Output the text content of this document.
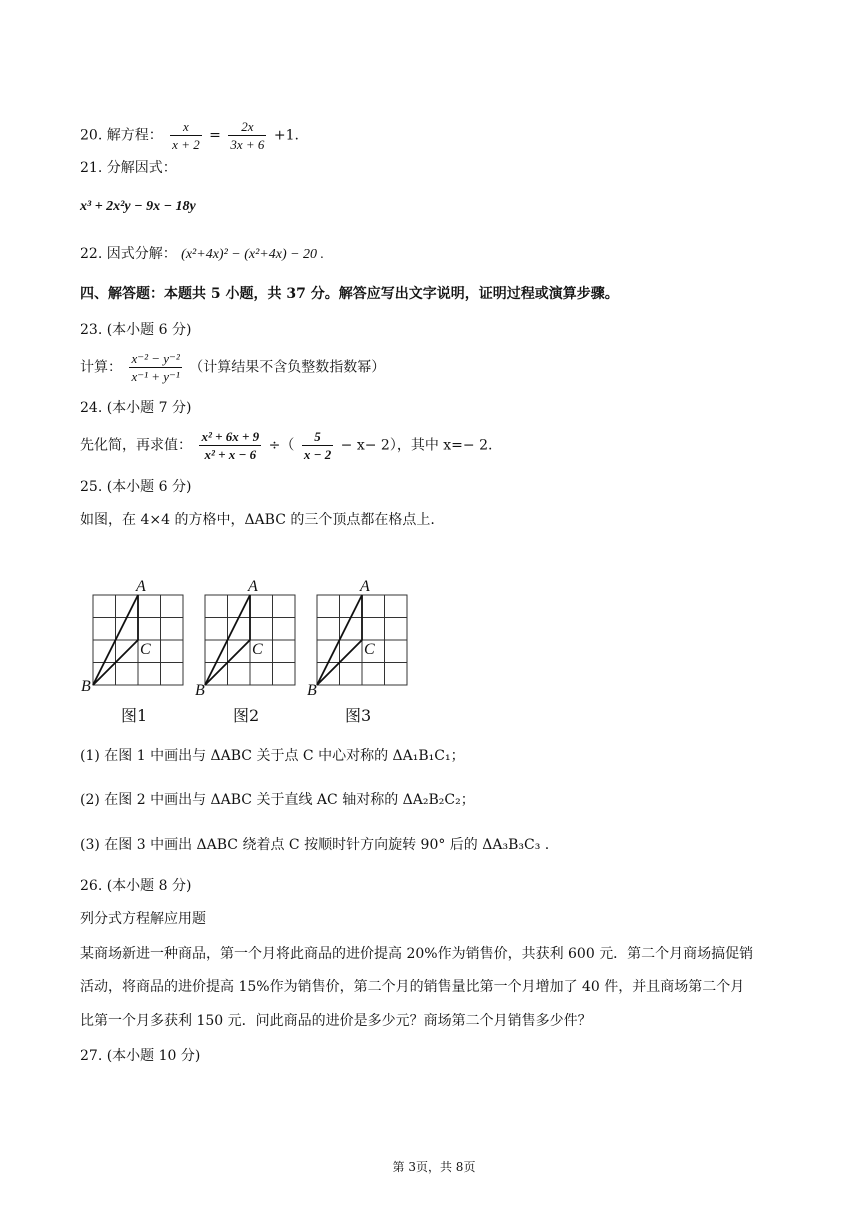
20. 解方程： $\frac{x}{x + 2} = \frac{2x}{3x + 6} +1$.
21. 分解因式：
x³ + 2x²y − 9x − 18y
22. 因式分解： (x²+4x)² − (x²+4x) − 20 .
四、解答题：本题共 5 小题，共 37 分。解答应写出文字说明，证明过程或演算步骤。
23. (本小题 6 分)
计算： $\frac{\text{x⁻² − y⁻²}}{\text{x⁻¹ + y⁻¹}}$ （计算结果不含负整数指数幂）
24. (本小题 7 分)
先化简，再求值： $\frac{\text{x² + 6x + 9}}{\text{x² + x − 6}}$ ÷（ $\frac{5}{x - 2} - x- 2$），其中 x=− 2.
25. (本小题 6 分)
如图，在 4×4 的方格中，ΔABC 的三个顶点都在格点上.
A
B
C
A
B
C
A
B
C
图1	图2	图3
(1) 在图 1 中画出与 ΔABC 关于点 C 中心对称的 ΔA₁B₁C₁；
(2) 在图 2 中画出与 ΔABC 关于直线 AC 轴对称的 ΔA₂B₂C₂；
(3) 在图 3 中画出 ΔABC 绕着点 C 按顺时针方向旋转 90° 后的 ΔA₃B₃C₃ .
26. (本小题 8 分)
列分式方程解应用题
某商场新进一种商品，第一个月将此商品的进价提高 20%作为销售价，共获利 600 元．第二个月商场搞促销
活动，将商品的进价提高 15%作为销售价，第二个月的销售量比第一个月增加了 40 件，并且商场第二个月
比第一个月多获利 150 元．问此商品的进价是多少元？商场第二个月销售多少件？
27. (本小题 10 分)
第 3页，共 8页
